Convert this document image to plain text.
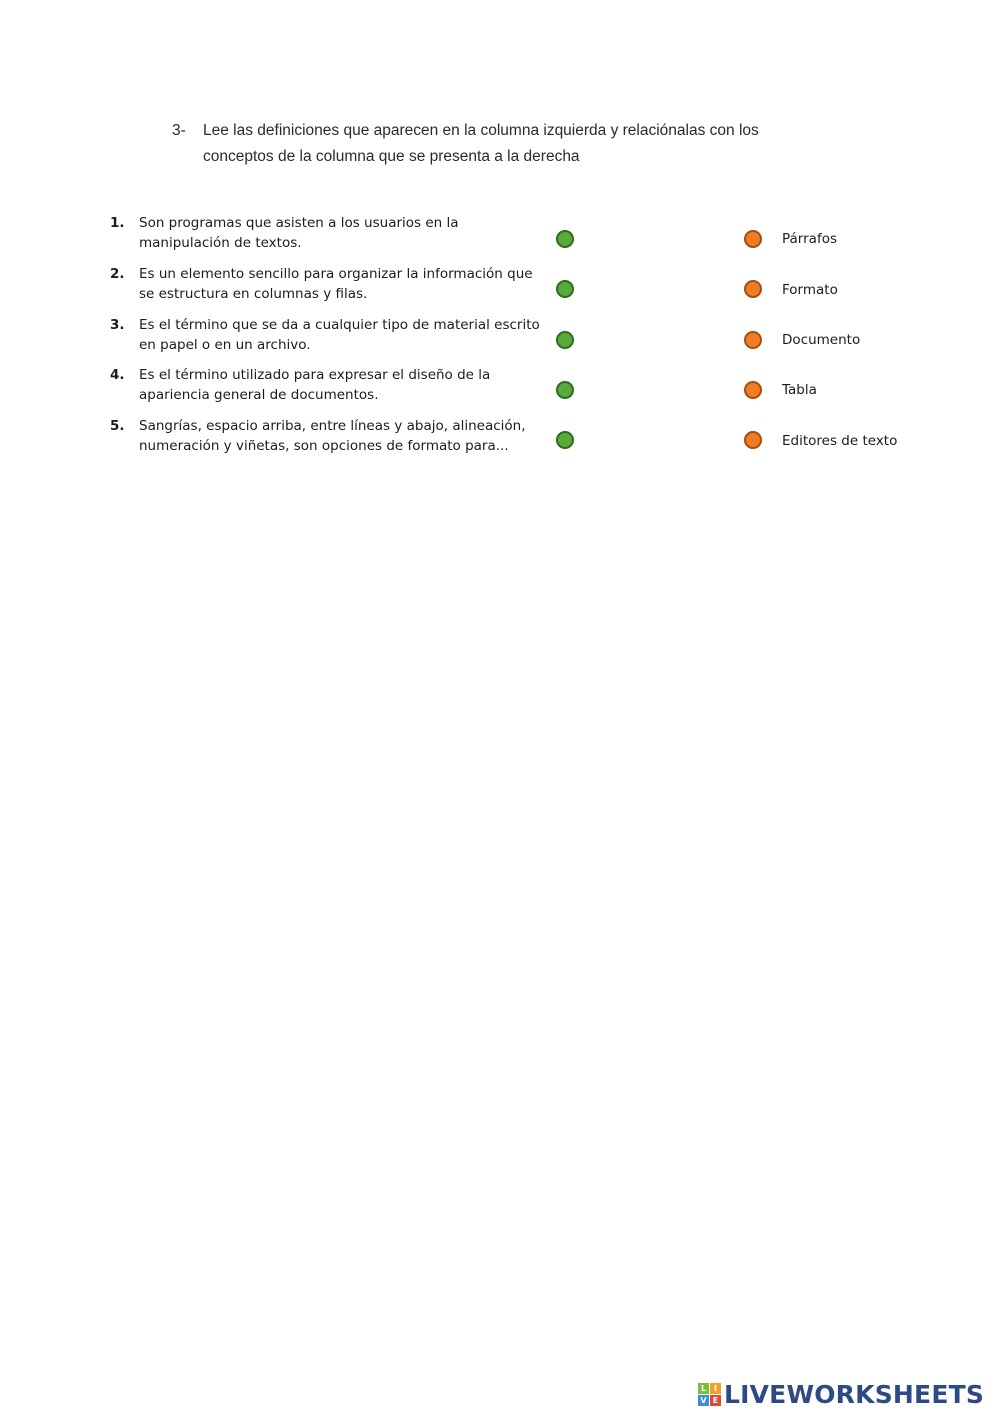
3- Lee las definiciones que aparecen en la columna izquierda y relaciónalas con los conceptos de la columna que se presenta a la derecha
1. Son programas que asisten a los usuarios en la manipulación de textos.
2. Es un elemento sencillo para organizar la información que se estructura en columnas y filas.
3. Es el término que se da a cualquier tipo de material escrito en papel o en un archivo.
4. Es el término utilizado para expresar el diseño de la apariencia general de documentos.
5. Sangrías, espacio arriba, entre líneas y abajo, alineación, numeración y viñetas, son opciones de formato para...
Párrafos
Formato
Documento
Tabla
Editores de texto
L I
V E LIVEWORKSHEETS
